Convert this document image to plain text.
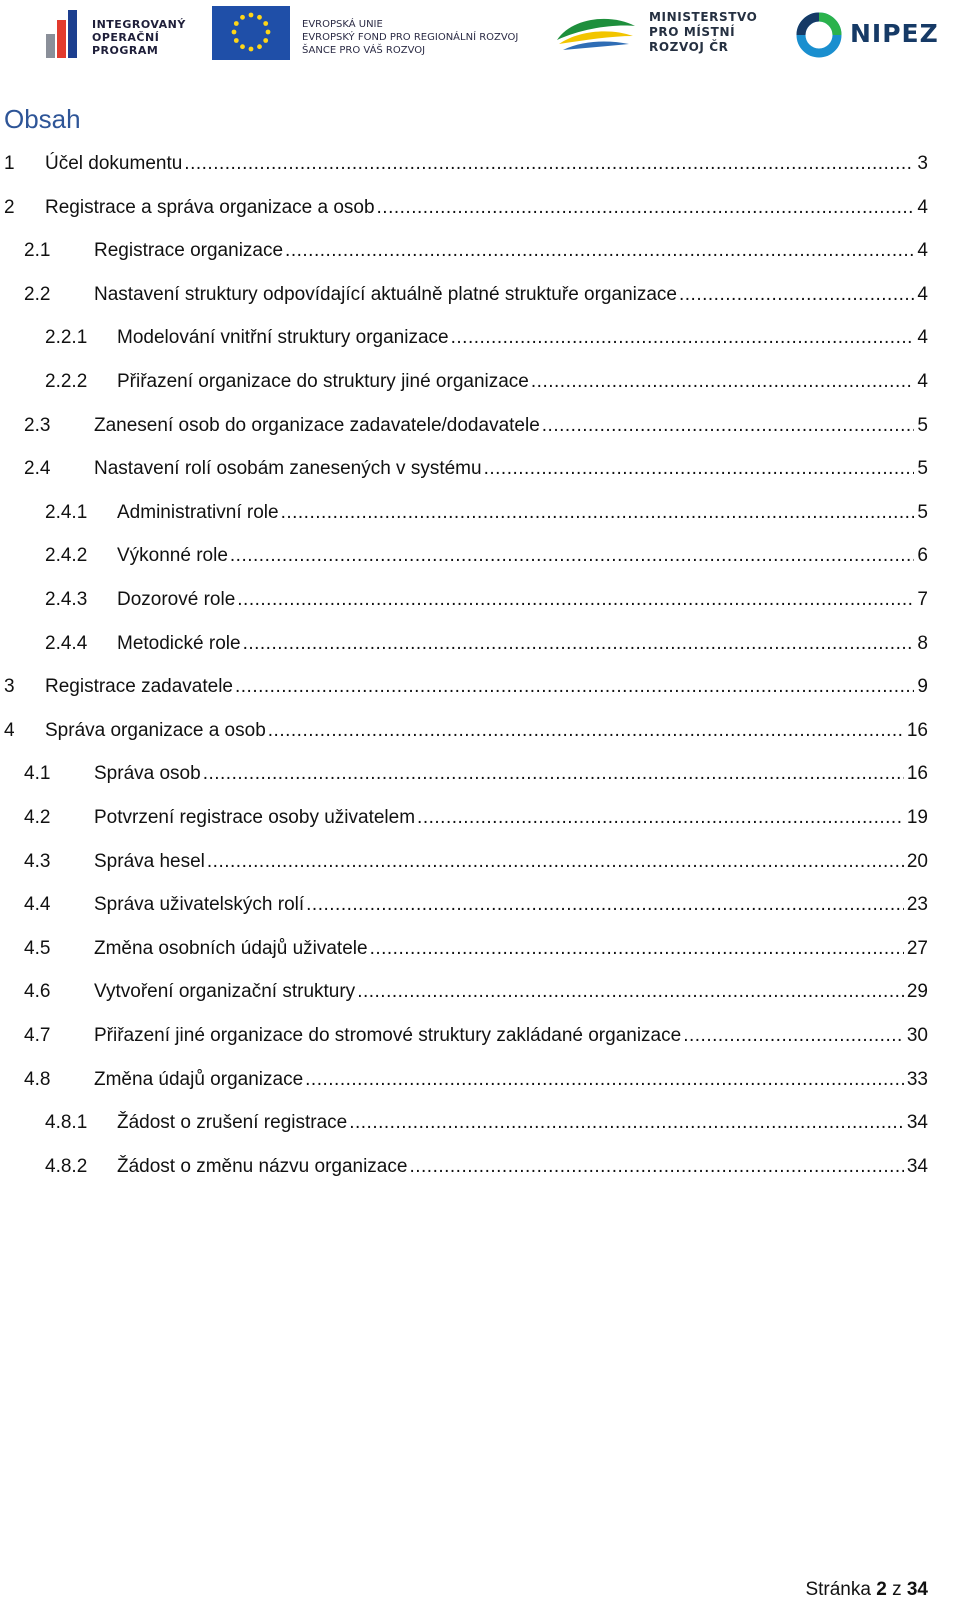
INTEGROVANÝ
OPERAČNÍ
PROGRAM
EVROPSKÁ UNIE
EVROPSKÝ FOND PRO REGIONÁLNÍ ROZVOJ
ŠANCE PRO VÁŠ ROZVOJ
MINISTERSTVO
PRO MÍSTNÍ
ROZVOJ ČR	NIPEZ
Obsah
1	Účel dokumentu .....	3
2	Registrace a správa organizace a osob .....	4
2.1	Registrace organizace .....	4
2.2	Nastavení struktury odpovídající aktuálně platné struktuře organizace .....	4
2.2.1	Modelování vnitřní struktury organizace .....	4
2.2.2	Přiřazení organizace do struktury jiné organizace .....	4
2.3	Zanesení osob do organizace zadavatele/dodavatele .....	5
2.4	Nastavení rolí osobám zanesených v systému .....	5
2.4.1	Administrativní role .....	5
2.4.2	Výkonné role .....	6
2.4.3	Dozorové role .....	7
2.4.4	Metodické role .....	8
3	Registrace zadavatele .....	9
4	Správa organizace a osob .....	16
4.1	Správa osob .....	16
4.2	Potvrzení registrace osoby uživatelem .....	19
4.3	Správa hesel .....	20
4.4	Správa uživatelských rolí .....	23
4.5	Změna osobních údajů uživatele .....	27
4.6	Vytvoření organizační struktury .....	29
4.7	Přiřazení jiné organizace do stromové struktury zakládané organizace .....	30
4.8	Změna údajů organizace .....	33
4.8.1	Žádost o zrušení registrace .....	34
4.8.2	Žádost o změnu názvu organizace .....	34
Stránka 2 z 34
